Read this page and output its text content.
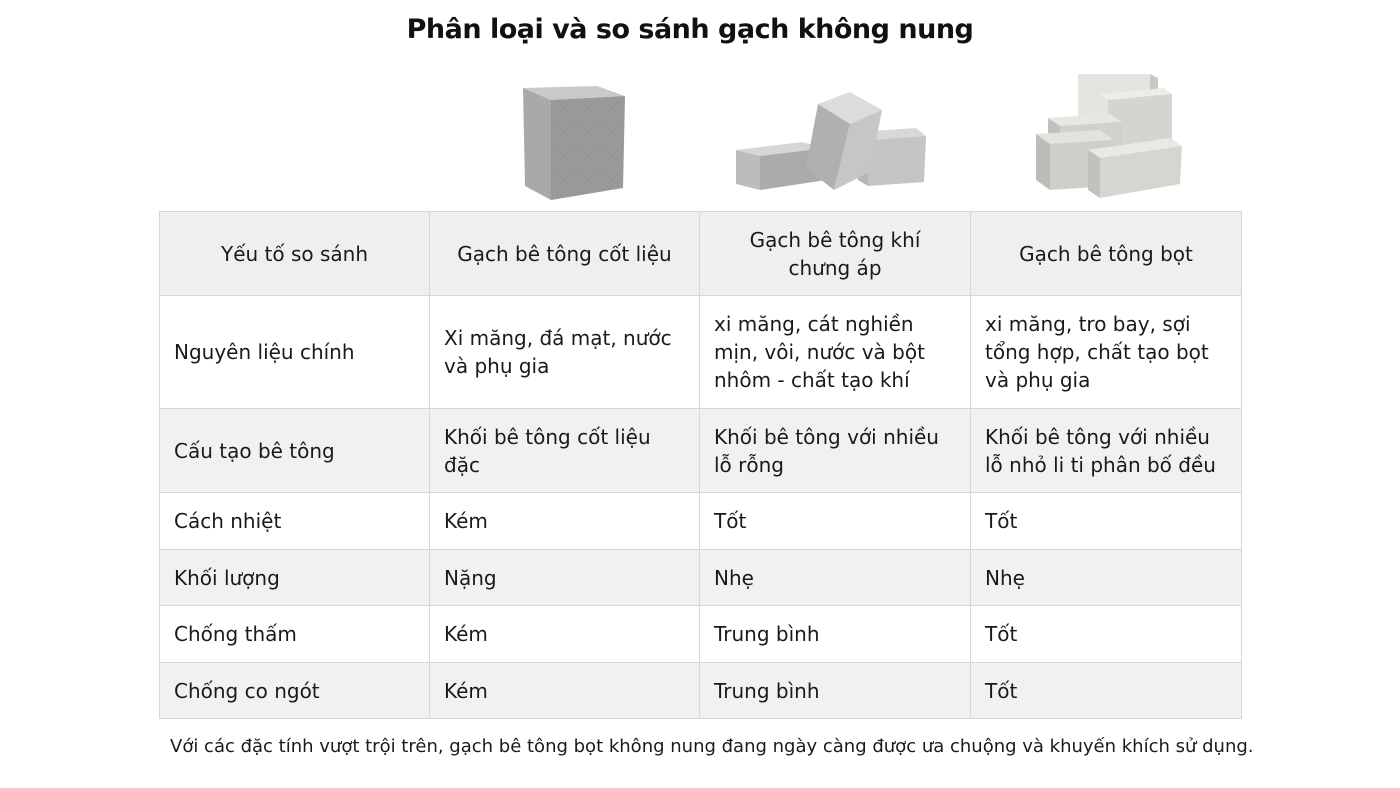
Phân loại và so sánh gạch không nung
Yếu tố so sánh	Gạch bê tông cốt liệu	Gạch bê tông khí chưng áp	Gạch bê tông bọt
Nguyên liệu chính	Xi măng, đá mạt, nước và phụ gia	xi măng, cát nghiền mịn, vôi, nước và bột nhôm - chất tạo khí	xi măng, tro bay, sợi tổng hợp, chất tạo bọt và phụ gia
Cấu tạo bê tông	Khối bê tông cốt liệu đặc	Khối bê tông với nhiều lỗ rỗng	Khối bê tông với nhiều lỗ nhỏ li ti phân bố đều
Cách nhiệt	Kém	Tốt	Tốt
Khối lượng	Nặng	Nhẹ	Nhẹ
Chống thấm	Kém	Trung bình	Tốt
Chống co ngót	Kém	Trung bình	Tốt
Với các đặc tính vượt trội trên, gạch bê tông bọt không nung đang ngày càng được ưa chuộng và khuyến khích sử dụng.
